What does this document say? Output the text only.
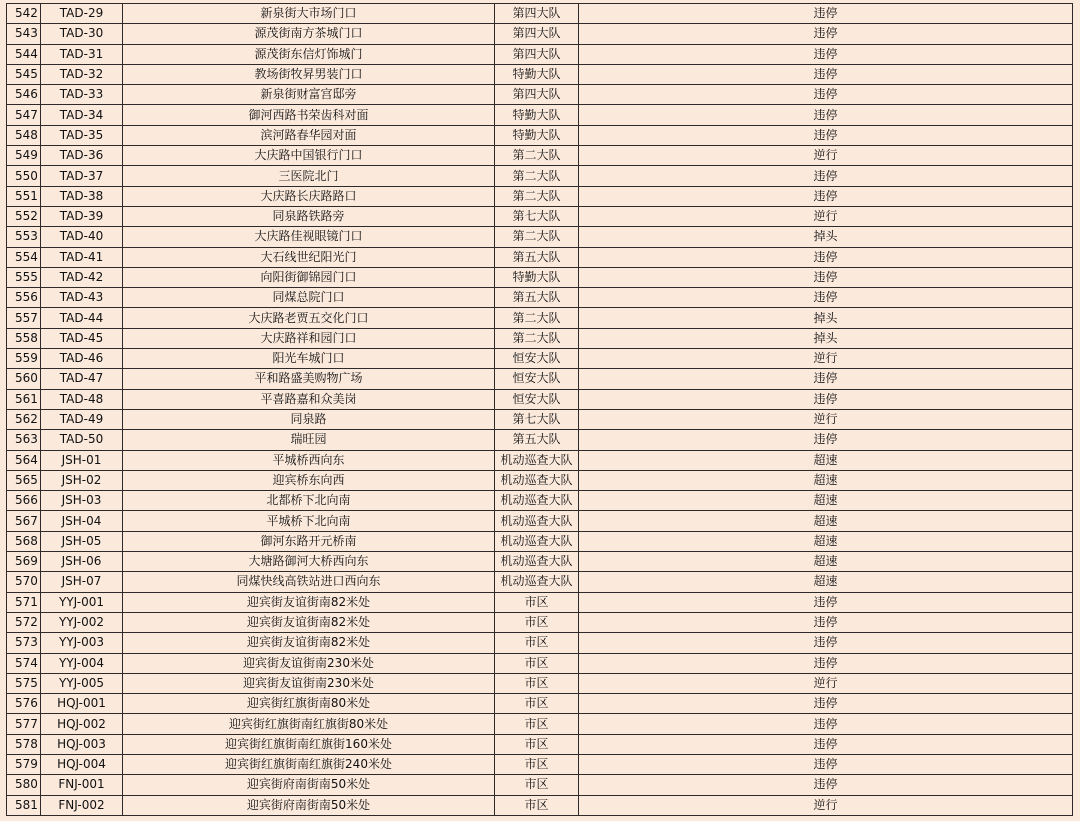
542	TAD-29	新泉街大市场门口	第四大队	违停
543	TAD-30	源茂街南方茶城门口	第四大队	违停
544	TAD-31	源茂街东信灯饰城门	第四大队	违停
545	TAD-32	教场街牧昇男装门口	特勤大队	违停
546	TAD-33	新泉街财富宫邸旁	第四大队	违停
547	TAD-34	御河西路书荣齿科对面	特勤大队	违停
548	TAD-35	滨河路春华园对面	特勤大队	违停
549	TAD-36	大庆路中国银行门口	第二大队	逆行
550	TAD-37	三医院北门	第二大队	违停
551	TAD-38	大庆路长庆路路口	第二大队	违停
552	TAD-39	同泉路铁路旁	第七大队	逆行
553	TAD-40	大庆路佳视眼镜门口	第二大队	掉头
554	TAD-41	大石线世纪阳光门	第五大队	违停
555	TAD-42	向阳街御锦园门口	特勤大队	违停
556	TAD-43	同煤总院门口	第五大队	违停
557	TAD-44	大庆路老贾五交化门口	第二大队	掉头
558	TAD-45	大庆路祥和园门口	第二大队	掉头
559	TAD-46	阳光车城门口	恒安大队	逆行
560	TAD-47	平和路盛美购物广场	恒安大队	违停
561	TAD-48	平喜路嘉和众美岗	恒安大队	违停
562	TAD-49	同泉路	第七大队	逆行
563	TAD-50	瑞旺园	第五大队	违停
564	JSH-01	平城桥西向东	机动巡查大队	超速
565	JSH-02	迎宾桥东向西	机动巡查大队	超速
566	JSH-03	北都桥下北向南	机动巡查大队	超速
567	JSH-04	平城桥下北向南	机动巡查大队	超速
568	JSH-05	御河东路开元桥南	机动巡查大队	超速
569	JSH-06	大塘路御河大桥西向东	机动巡查大队	超速
570	JSH-07	同煤快线高铁站进口西向东	机动巡查大队	超速
571	YYJ-001	迎宾街友谊街南82米处	市区	违停
572	YYJ-002	迎宾街友谊街南82米处	市区	违停
573	YYJ-003	迎宾街友谊街南82米处	市区	违停
574	YYJ-004	迎宾街友谊街南230米处	市区	违停
575	YYJ-005	迎宾街友谊街南230米处	市区	逆行
576	HQJ-001	迎宾街红旗街南80米处	市区	违停
577	HQJ-002	迎宾街红旗街南红旗街80米处	市区	违停
578	HQJ-003	迎宾街红旗街南红旗街160米处	市区	违停
579	HQJ-004	迎宾街红旗街南红旗街240米处	市区	违停
580	FNJ-001	迎宾街府南街南50米处	市区	违停
581	FNJ-002	迎宾街府南街南50米处	市区	逆行
